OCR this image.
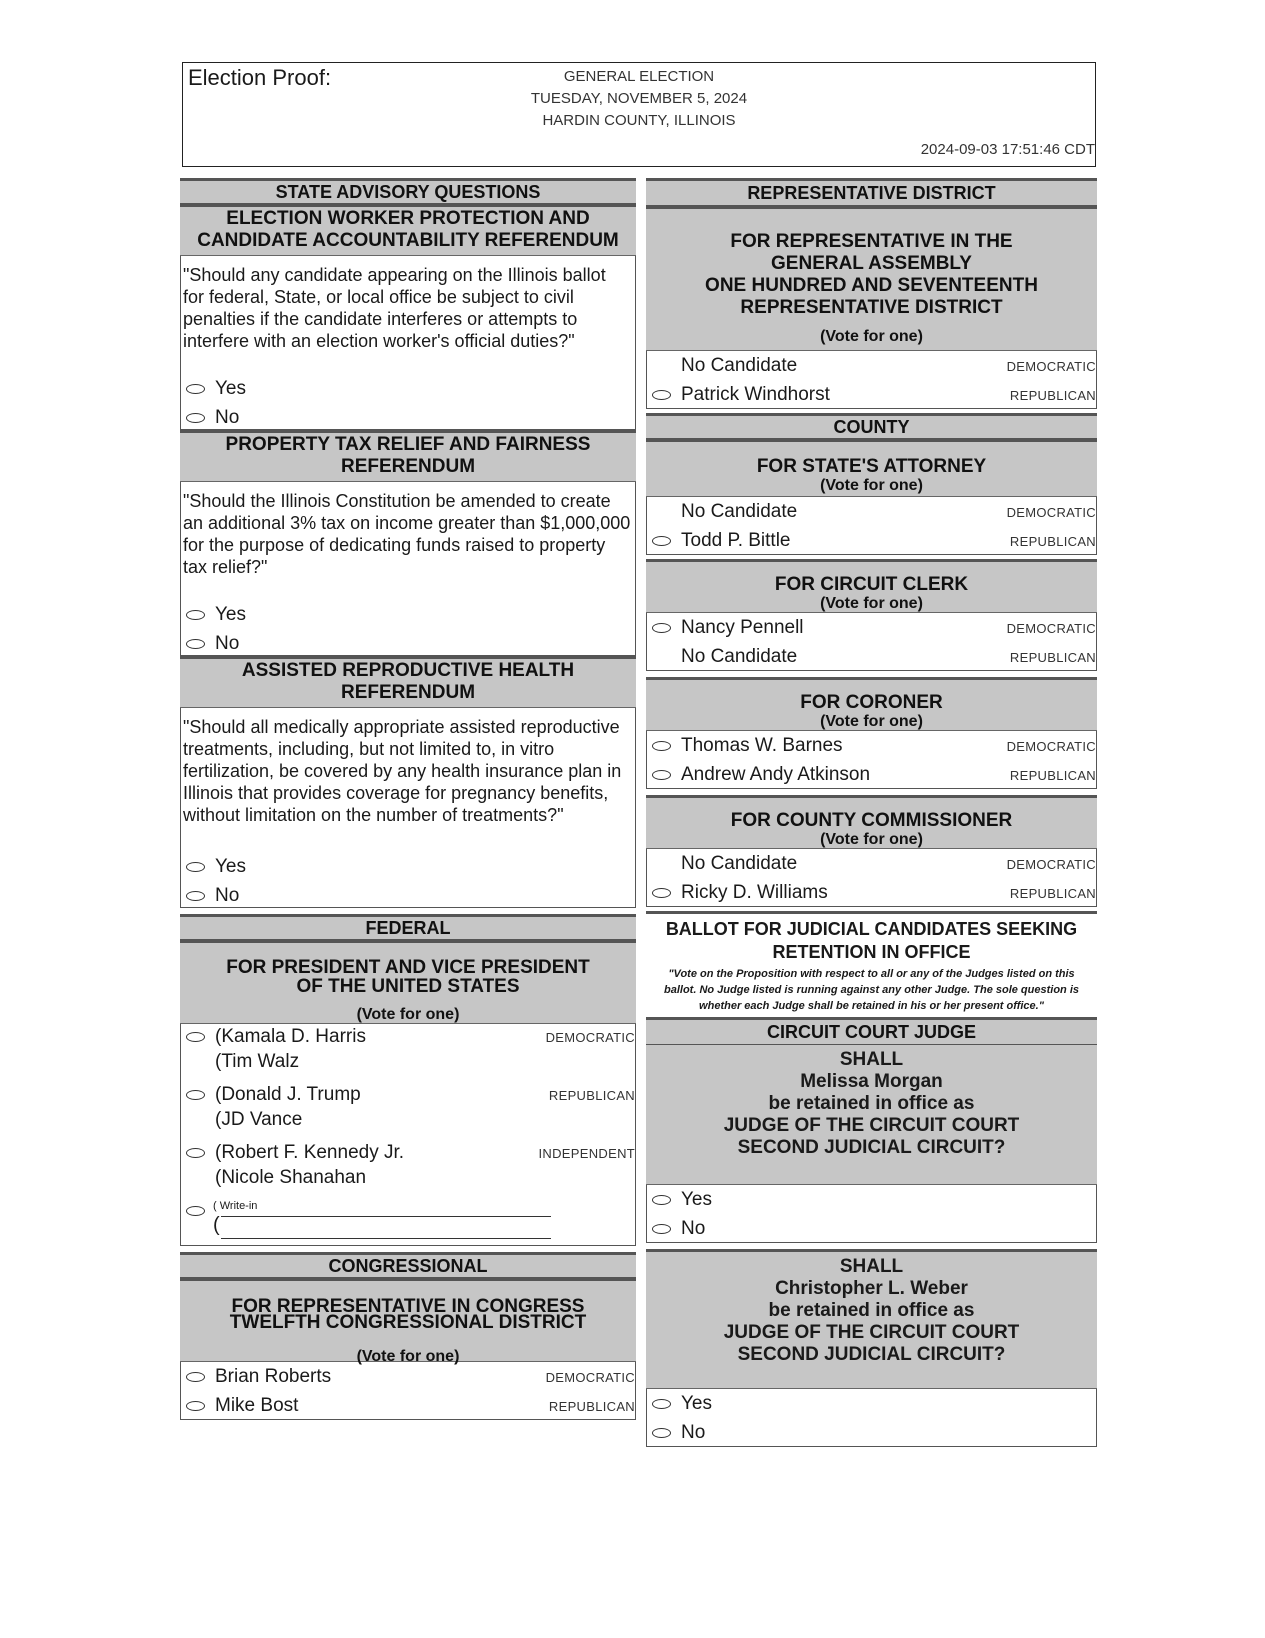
Election Proof:	GENERAL ELECTION
TUESDAY, NOVEMBER 5, 2024
HARDIN COUNTY, ILLINOIS
2024-09-03 17:51:46 CDT
STATE ADVISORY QUESTIONS
ELECTION WORKER PROTECTION AND
CANDIDATE ACCOUNTABILITY REFERENDUM
"Should any candidate appearing on the Illinois ballot for federal, State, or local office be subject to civil penalties if the candidate interferes or attempts to interfere with an election worker's official duties?"
Yes
No
PROPERTY TAX RELIEF AND FAIRNESS
REFERENDUM
"Should the Illinois Constitution be amended to create an additional 3% tax on income greater than $1,000,000 for the purpose of dedicating funds raised to property tax relief?"
Yes
No
ASSISTED REPRODUCTIVE HEALTH
REFERENDUM
"Should all medically appropriate assisted reproductive treatments, including, but not limited to, in vitro fertilization, be covered by any health insurance plan in Illinois that provides coverage for pregnancy benefits, without limitation on the number of treatments?"
Yes
No
FEDERAL
FOR PRESIDENT AND VICE PRESIDENT
OF THE UNITED STATES
(Vote for one)
(Kamala D. Harris
(Tim Walz
DEMOCRATIC
(Donald J. Trump
(JD Vance
REPUBLICAN
(Robert F. Kennedy Jr.
(Nicole Shanahan
INDEPENDENT
( Write-in
(
CONGRESSIONAL
FOR REPRESENTATIVE IN CONGRESS
TWELFTH CONGRESSIONAL DISTRICT
(Vote for one)
Brian Roberts	DEMOCRATIC
Mike Bost	REPUBLICAN
REPRESENTATIVE DISTRICT
FOR REPRESENTATIVE IN THE
GENERAL ASSEMBLY
ONE HUNDRED AND SEVENTEENTH
REPRESENTATIVE DISTRICT
(Vote for one)
No Candidate	DEMOCRATIC
Patrick Windhorst	REPUBLICAN
COUNTY
FOR STATE'S ATTORNEY
(Vote for one)
No Candidate	DEMOCRATIC
Todd P. Bittle	REPUBLICAN
FOR CIRCUIT CLERK
(Vote for one)
Nancy Pennell	DEMOCRATIC
No Candidate	REPUBLICAN
FOR CORONER
(Vote for one)
Thomas W. Barnes	DEMOCRATIC
Andrew Andy Atkinson	REPUBLICAN
FOR COUNTY COMMISSIONER
(Vote for one)
No Candidate	DEMOCRATIC
Ricky D. Williams	REPUBLICAN
BALLOT FOR JUDICIAL CANDIDATES SEEKING
RETENTION IN OFFICE
"Vote on the Proposition with respect to all or any of the Judges listed on this ballot. No Judge listed is running against any other Judge. The sole question is whether each Judge shall be retained in his or her present office."
CIRCUIT COURT JUDGE
SHALL
Melissa Morgan
be retained in office as
JUDGE OF THE CIRCUIT COURT
SECOND JUDICIAL CIRCUIT?
Yes
No
SHALL
Christopher L. Weber
be retained in office as
JUDGE OF THE CIRCUIT COURT
SECOND JUDICIAL CIRCUIT?
Yes
No
